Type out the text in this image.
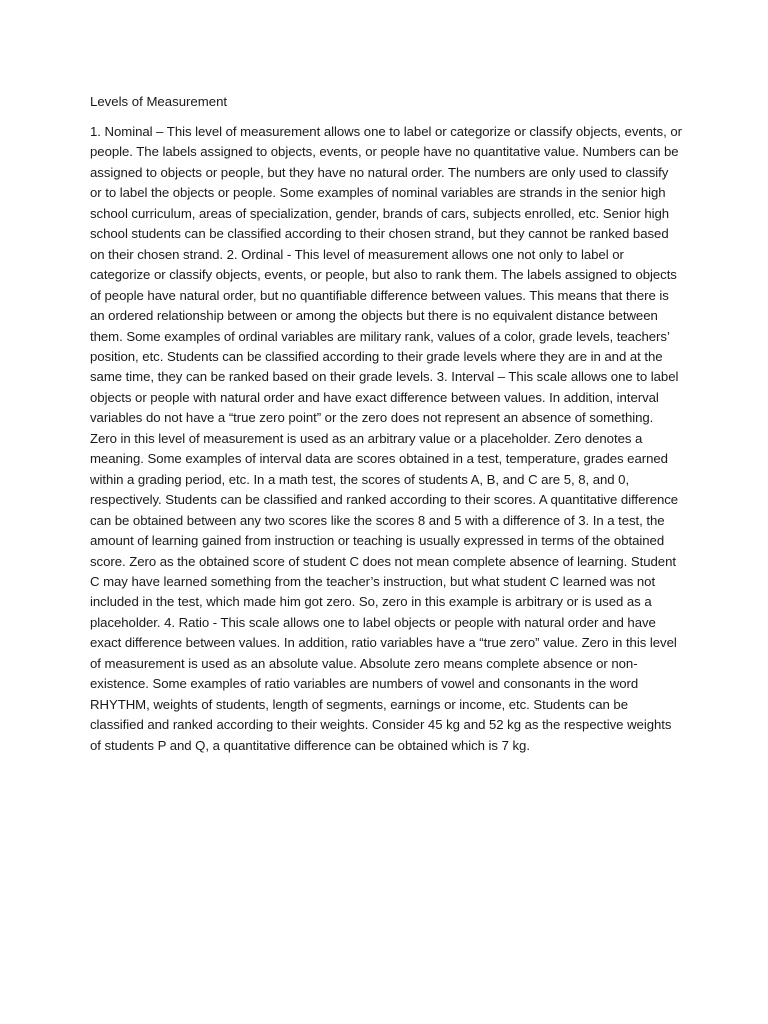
Levels of Measurement

1. Nominal – This level of measurement allows one to label or categorize or classify objects, events, or people. The labels assigned to objects, events, or people have no quantitative value. Numbers can be assigned to objects or people, but they have no natural order. The numbers are only used to classify or to label the objects or people. Some examples of nominal variables are strands in the senior high school curriculum, areas of specialization, gender, brands of cars, subjects enrolled, etc. Senior high school students can be classified according to their chosen strand, but they cannot be ranked based on their chosen strand. 2. Ordinal - This level of measurement allows one not only to label or categorize or classify objects, events, or people, but also to rank them. The labels assigned to objects of people have natural order, but no quantifiable difference between values. This means that there is an ordered relationship between or among the objects but there is no equivalent distance between them. Some examples of ordinal variables are military rank, values of a color, grade levels, teachers’ position, etc. Students can be classified according to their grade levels where they are in and at the same time, they can be ranked based on their grade levels. 3. Interval – This scale allows one to label objects or people with natural order and have exact difference between values. In addition, interval variables do not have a “true zero point” or the zero does not represent an absence of something. Zero in this level of measurement is used as an arbitrary value or a placeholder. Zero denotes a meaning. Some examples of interval data are scores obtained in a test, temperature, grades earned within a grading period, etc. In a math test, the scores of students A, B, and C are 5, 8, and 0, respectively. Students can be classified and ranked according to their scores. A quantitative difference can be obtained between any two scores like the scores 8 and 5 with a difference of 3. In a test, the amount of learning gained from instruction or teaching is usually expressed in terms of the obtained score. Zero as the obtained score of student C does not mean complete absence of learning. Student C may have learned something from the teacher’s instruction, but what student C learned was not included in the test, which made him got zero. So, zero in this example is arbitrary or is used as a placeholder. 4. Ratio - This scale allows one to label objects or people with natural order and have exact difference between values. In addition, ratio variables have a “true zero” value. Zero in this level of measurement is used as an absolute value. Absolute zero means complete absence or non-existence. Some examples of ratio variables are numbers of vowel and consonants in the word RHYTHM, weights of students, length of segments, earnings or income, etc. Students can be classified and ranked according to their weights. Consider 45 kg and 52 kg as the respective weights of students P and Q, a quantitative difference can be obtained which is 7 kg.
